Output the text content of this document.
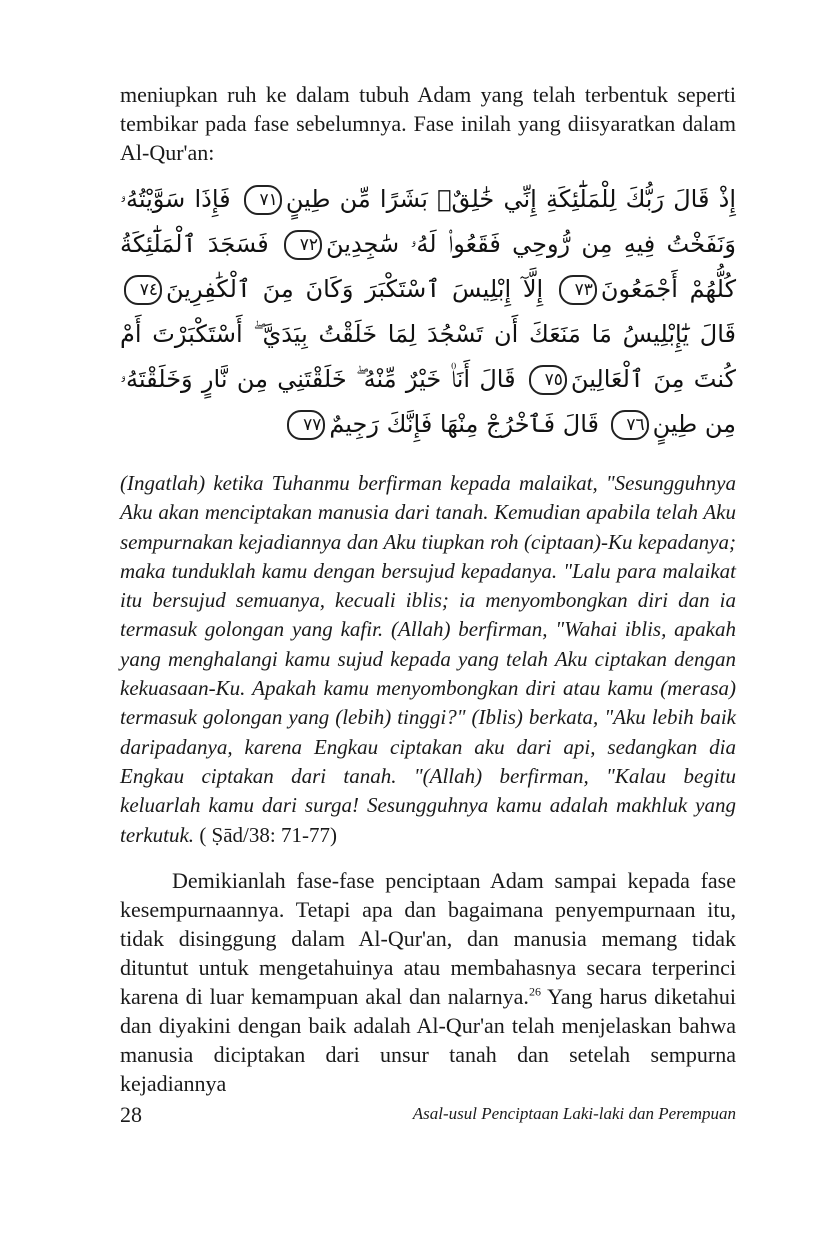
meniupkan ruh ke dalam tubuh Adam yang telah terbentuk seperti tembikar pada fase sebelumnya. Fase inilah yang diisyaratkan dalam Al-Qur'an:

إِذْ قَالَ رَبُّكَ لِلْمَلَٰٓئِكَةِ إِنِّي خَٰلِقٌۢ بَشَرًا مِّن طِينٍ٧١ فَإِذَا سَوَّيْتُهُۥ وَنَفَخْتُ فِيهِ مِن رُّوحِي فَقَعُوا۟ لَهُۥ سَٰجِدِينَ٧٢ فَسَجَدَ ٱلْمَلَٰٓئِكَةُ كُلُّهُمْ أَجْمَعُونَ٧٣ إِلَّآ إِبْلِيسَ ٱسْتَكْبَرَ وَكَانَ مِنَ ٱلْكَٰفِرِينَ٧٤ قَالَ يَٰٓإِبْلِيسُ مَا مَنَعَكَ أَن تَسْجُدَ لِمَا خَلَقْتُ بِيَدَيَّ ۖ أَسْتَكْبَرْتَ أَمْ كُنتَ مِنَ ٱلْعَالِينَ٧٥ قَالَ أَنَا۠ خَيْرٌ مِّنْهُ ۖ خَلَقْتَنِي مِن نَّارٍ وَخَلَقْتَهُۥ مِن طِينٍ٧٦ قَالَ فَٱخْرُجْ مِنْهَا فَإِنَّكَ رَجِيمٌ٧٧

(Ingatlah) ketika Tuhanmu berfirman kepada malaikat, "Sesungguhnya Aku akan menciptakan manusia dari tanah. Kemudian apabila telah Aku sempurnakan kejadiannya dan Aku tiupkan roh (ciptaan)-Ku kepadanya; maka tunduklah kamu dengan bersujud kepadanya. "Lalu para malaikat itu bersujud semuanya, kecuali iblis; ia menyombongkan diri dan ia termasuk golongan yang kafir. (Allah) berfirman, "Wahai iblis, apakah yang menghalangi kamu sujud kepada yang telah Aku ciptakan dengan kekuasaan-Ku. Apakah kamu menyombongkan diri atau kamu (merasa) termasuk golongan yang (lebih) tinggi?" (Iblis) berkata, "Aku lebih baik daripadanya, karena Engkau ciptakan aku dari api, sedangkan dia Engkau ciptakan dari tanah. "(Allah) berfirman, "Kalau begitu keluarlah kamu dari surga! Sesungguhnya kamu adalah makhluk yang terkutuk. ( Ṣād/38: 71-77)

Demikianlah fase-fase penciptaan Adam sampai kepada fase kesempurnaannya. Tetapi apa dan bagaimana penyempurnaan itu, tidak disinggung dalam Al-Qur'an, dan manusia memang tidak dituntut untuk mengetahuinya atau membahasnya secara terperinci karena di luar kemampuan akal dan nalarnya.$^{26}$ Yang harus diketahui dan diyakini dengan baik adalah Al-Qur'an telah menjelaskan bahwa manusia diciptakan dari unsur tanah dan setelah sempurna kejadiannya

28	Asal-usul Penciptaan Laki-laki dan Perempuan
